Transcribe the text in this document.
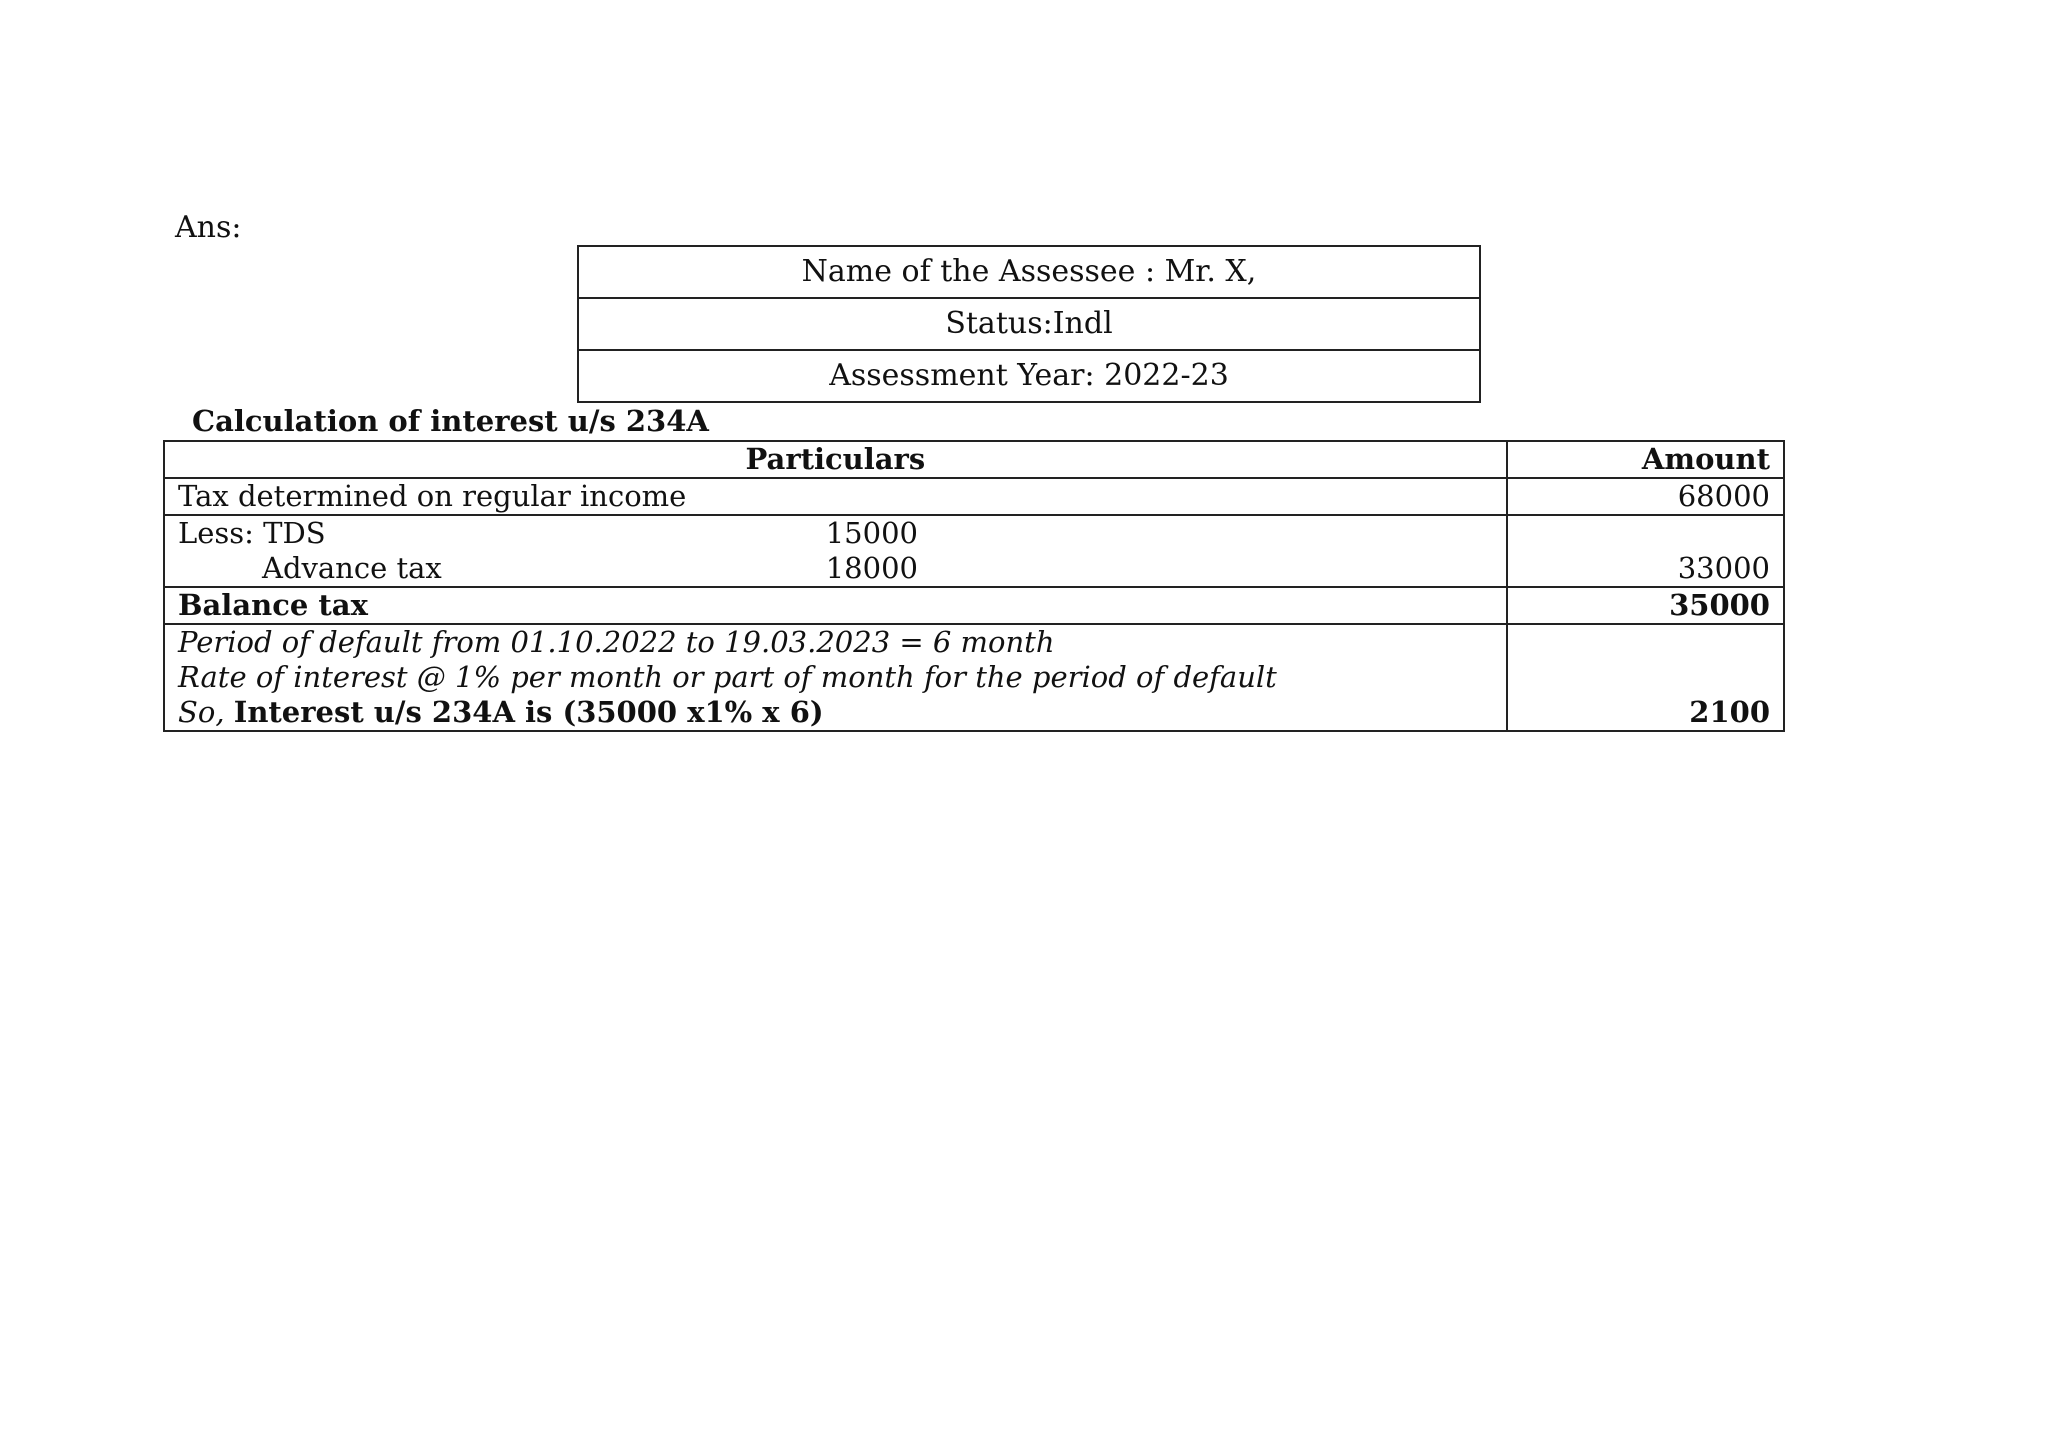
Ans:
Name of the Assessee : Mr. X,
Status:Indl
Assessment Year: 2022-23
Calculation of interest u/s 234A
Particulars	Amount
Tax determined on regular income	68000

Less: TDS 15000
Advance tax 18000	33000
Balance tax	35000

Period of default from 01.10.2022 to 19.03.2023 = 6 month
Rate of interest @ 1% per month or part of month for the period of default
So, Interest u/s 234A is (35000 x1% x 6)	2100
